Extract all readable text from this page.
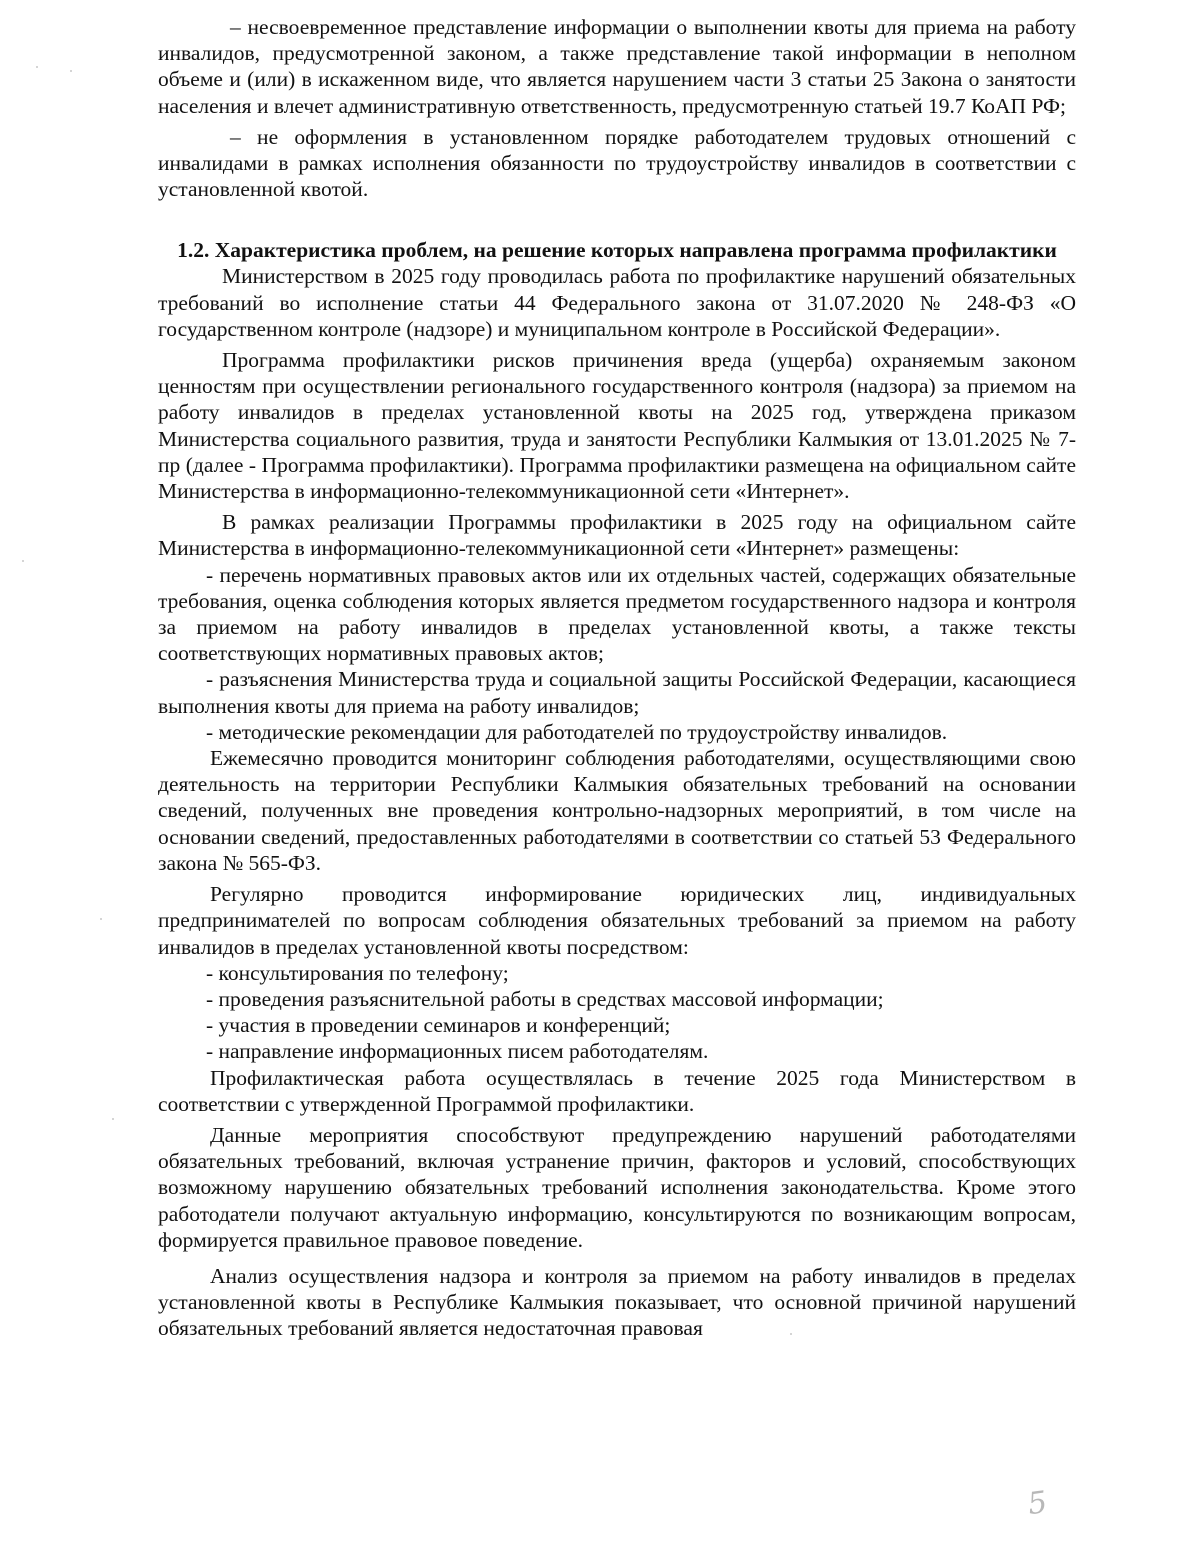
– несвоевременное представление информации о выполнении квоты для приема на работу инвалидов, предусмотренной законом, а также представление такой информации в неполном объеме и (или) в искаженном виде, что является нарушением части 3 статьи 25 Закона о занятости населения и влечет административную ответственность, предусмотренную статьей 19.7 КоАП РФ;

– не оформления в установленном порядке работодателем трудовых отношений с инвалидами в рамках исполнения обязанности по трудоустройству инвалидов в соответствии с установленной квотой.

1.2. Характеристика проблем, на решение которых направлена программа профилактики

Министерством в 2025 году проводилась работа по профилактике нарушений обязательных требований во исполнение статьи 44 Федерального закона от 31.07.2020 № 248-ФЗ «О государственном контроле (надзоре) и муниципальном контроле в Российской Федерации».

Программа профилактики рисков причинения вреда (ущерба) охраняемым законом ценностям при осуществлении регионального государственного контроля (надзора) за приемом на работу инвалидов в пределах установленной квоты на 2025 год, утверждена приказом Министерства социального развития, труда и занятости Республики Калмыкия от 13.01.2025 № 7-пр (далее - Программа профилактики). Программа профилактики размещена на официальном сайте Министерства в информационно-телекоммуникационной сети «Интернет».

В рамках реализации Программы профилактики в 2025 году на официальном сайте Министерства в информационно-телекоммуникационной сети «Интернет» размещены:

- перечень нормативных правовых актов или их отдельных частей, содержащих обязательные требования, оценка соблюдения которых является предметом государственного надзора и контроля за приемом на работу инвалидов в пределах установленной квоты, а также тексты соответствующих нормативных правовых актов;

- разъяснения Министерства труда и социальной защиты Российской Федерации, касающиеся выполнения квоты для приема на работу инвалидов;

- методические рекомендации для работодателей по трудоустройству инвалидов.

Ежемесячно проводится мониторинг соблюдения работодателями, осуществляющими свою деятельность на территории Республики Калмыкия обязательных требований на основании сведений, полученных вне проведения контрольно-надзорных мероприятий, в том числе на основании сведений, предоставленных работодателями в соответствии со статьей 53 Федерального закона № 565-ФЗ.

Регулярно проводится информирование юридических лиц, индивидуальных предпринимателей по вопросам соблюдения обязательных требований за приемом на работу инвалидов в пределах установленной квоты посредством:

- консультирования по телефону;

- проведения разъяснительной работы в средствах массовой информации;

- участия в проведении семинаров и конференций;

- направление информационных писем работодателям.

Профилактическая работа осуществлялась в течение 2025 года Министерством в соответствии с утвержденной Программой профилактики.

Данные мероприятия способствуют предупреждению нарушений работодателями обязательных требований, включая устранение причин, факторов и условий, способствующих возможному нарушению обязательных требований исполнения законодательства. Кроме этого работодатели получают актуальную информацию, консультируются по возникающим вопросам, формируется правильное правовое поведение.

Анализ осуществления надзора и контроля за приемом на работу инвалидов в пределах установленной квоты в Республике Калмыкия показывает, что основной причиной нарушений обязательных требований является недостаточная правовая

5
